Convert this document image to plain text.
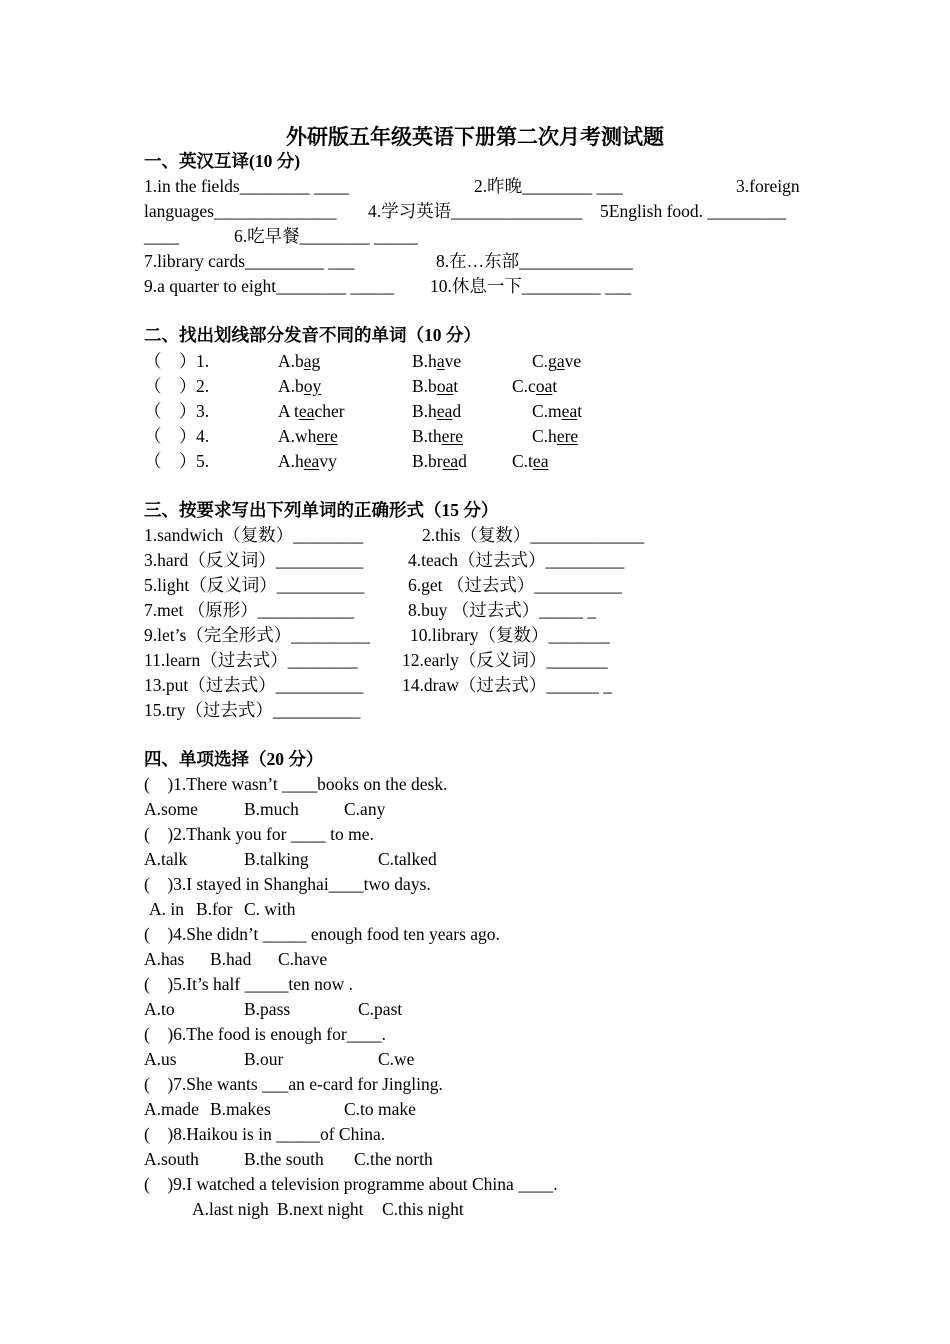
外研版五年级英语下册第二次月考测试题
一、英汉互译(10 分)

1.in the fields________ ____

	2.昨晚________ ___

	3.foreign

languages______________

4.学习英语_______________

5English food. _________

____

	6.吃早餐________ _____

7.library cards_________ ___

	8.在…东部_____________

9.a quarter to eight________ _____

10.休息一下_________ ___

二、找出划线部分发音不同的单词（10 分）

（    ）

1.

	A.bag

	B.have

	C.gave

（    ）

2.

	A.boy

	B.boat

	C.coat

（    ）

3.

	A teacher

	B.head

	C.meat

（    ）

4.

	A.where

	B.there

	C.here

（    ）

5.

	A.heavy

	B.bread

	C.tea

三、按要求写出下列单词的正确形式（15 分）

1.sandwich（复数）________

	2.this（复数）_____________

3.hard（反义词）__________

	4.teach（过去式）_________

5.light（反义词）__________

	6.get （过去式）__________

7.met （原形）___________

	8.buy （过去式）_____ _

9.let’s（完全形式）_________

10.library（复数）_______

11.learn（过去式）________

	12.early（反义词）_______

13.put（过去式）__________

14.draw（过去式）______ _

15.try（过去式）__________

四、单项选择（20 分）
(    )1.There wasn’t ____books on the desk.

A.some

	B.much

	C.any

(    )2.Thank you for ____ to me.

A.talk

	B.talking

	C.talked

(    )3.I stayed in Shanghai____two days.

A. in

B.for

C. with

(    )4.She didn’t _____ enough food ten years ago.

A.has

B.had

C.have

(    )5.It’s half _____ten now .

A.to

	B.pass

	C.past

(    )6.The food is enough for____.

A.us

	B.our

	C.we

(    )7.She wants ___an e-card for Jingling.

A.made

B.makes

	C.to make

(    )8.Haikou is in _____of China.

A.south

	B.the south

C.the north

(    )9.I watched a television programme about China ____.

A.last nigh

B.next night

C.this night
